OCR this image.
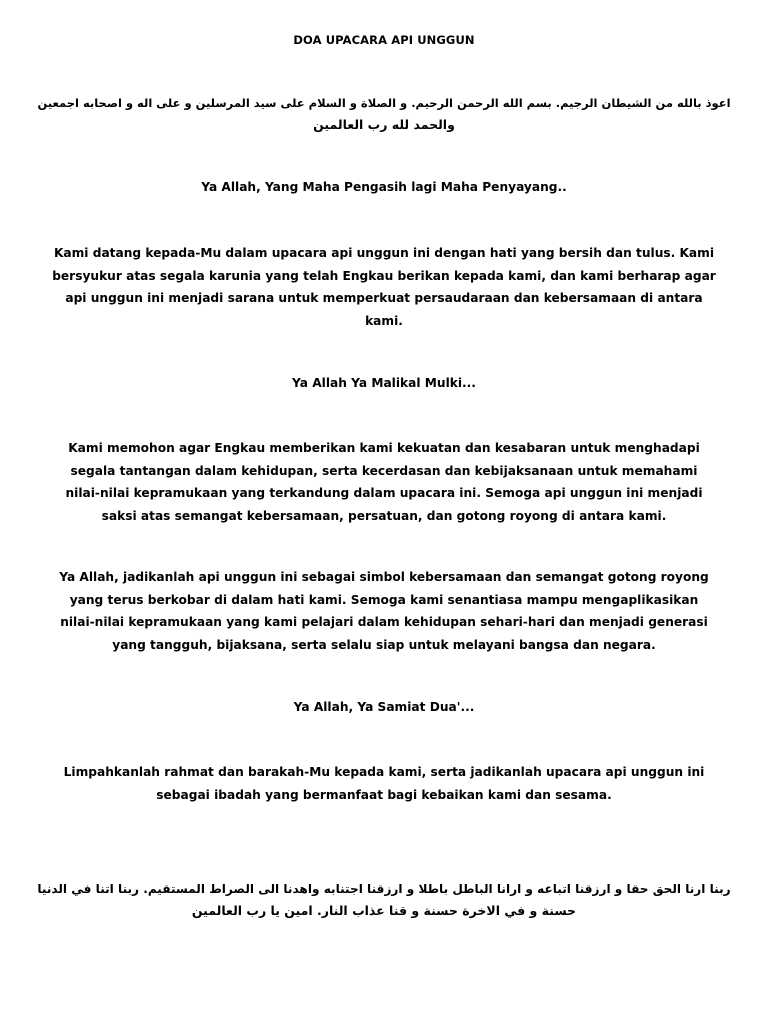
DOA UPACARA API UNGGUN
اعوذ بالله من الشيطان الرجيم. بسم الله الرحمن الرحيم. و الصلاة و السلام على سيد المرسلين و على اله و اصحابه اجمعين
والحمد لله رب العالمين
Ya Allah, Yang Maha Pengasih lagi Maha Penyayang..
Kami datang kepada-Mu dalam upacara api unggun ini dengan hati yang bersih dan tulus. Kami
bersyukur atas segala karunia yang telah Engkau berikan kepada kami, dan kami berharap agar
api unggun ini menjadi sarana untuk memperkuat persaudaraan dan kebersamaan di antara
kami.
Ya Allah Ya Malikal Mulki...
Kami memohon agar Engkau memberikan kami kekuatan dan kesabaran untuk menghadapi
segala tantangan dalam kehidupan, serta kecerdasan dan kebijaksanaan untuk memahami
nilai-nilai kepramukaan yang terkandung dalam upacara ini. Semoga api unggun ini menjadi
saksi atas semangat kebersamaan, persatuan, dan gotong royong di antara kami.
Ya Allah, jadikanlah api unggun ini sebagai simbol kebersamaan dan semangat gotong royong
yang terus berkobar di dalam hati kami. Semoga kami senantiasa mampu mengaplikasikan
nilai-nilai kepramukaan yang kami pelajari dalam kehidupan sehari-hari dan menjadi generasi
yang tangguh, bijaksana, serta selalu siap untuk melayani bangsa dan negara.
Ya Allah, Ya Samiat Dua'...
Limpahkanlah rahmat dan barakah-Mu kepada kami, serta jadikanlah upacara api unggun ini
sebagai ibadah yang bermanfaat bagi kebaikan kami dan sesama.
ربنا ارنا الحق حقا و ارزقنا اتباعه و ارانا الباطل باطلا و ارزقنا اجتنابه واهدنا الى الصراط المستقيم. ربنا اتنا في الدنيا
حسنة و في الاخرة حسنة و قنا عذاب النار. امين يا رب العالمين
